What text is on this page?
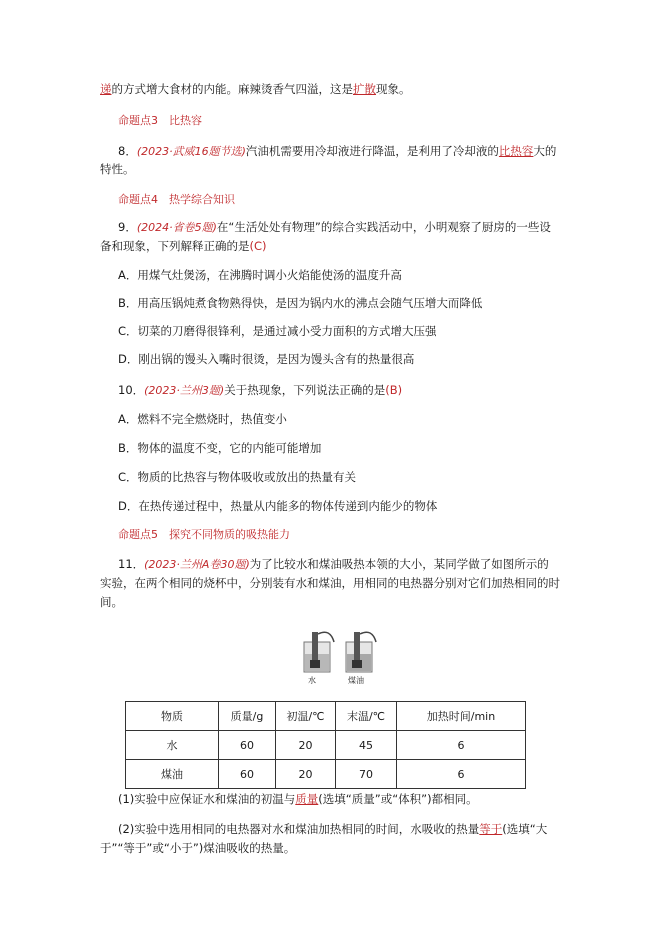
递的方式增大食材的内能。麻辣烫香气四溢，这是扩散现象。
命题点3　比热容
8．(2023·武威16题节选)汽油机需要用冷却液进行降温，是利用了冷却液的比热容大的
特性。
命题点4　热学综合知识
9．(2024·省卷5题)在“生活处处有物理”的综合实践活动中，小明观察了厨房的一些设
备和现象，下列解释正确的是(C)
A．用煤气灶煲汤，在沸腾时调小火焰能使汤的温度升高
B．用高压锅炖煮食物熟得快，是因为锅内水的沸点会随气压增大而降低
C．切菜的刀磨得很锋利，是通过减小受力面积的方式增大压强
D．刚出锅的馒头入嘴时很烫，是因为馒头含有的热量很高
10．(2023·兰州3题)关于热现象，下列说法正确的是(B)
A．燃料不完全燃烧时，热值变小
B．物体的温度不变，它的内能可能增加
C．物质的比热容与物体吸收或放出的热量有关
D．在热传递过程中，热量从内能多的物体传递到内能少的物体
命题点5　探究不同物质的吸热能力
11．(2023·兰州A卷30题)为了比较水和煤油吸热本领的大小，某同学做了如图所示的
实验，在两个相同的烧杯中，分别装有水和煤油，用相同的电热器分别对它们加热相同的时
间。
水	煤油
物质	质量/g	初温/℃	末温/℃	加热时间/min
水	60	20	45	6
煤油	60	20	70	6
(1)实验中应保证水和煤油的初温与质量(选填“质量”或“体积”)都相同。
(2)实验中选用相同的电热器对水和煤油加热相同的时间，水吸收的热量等于(选填“大
于”“等于”或“小于”)煤油吸收的热量。
